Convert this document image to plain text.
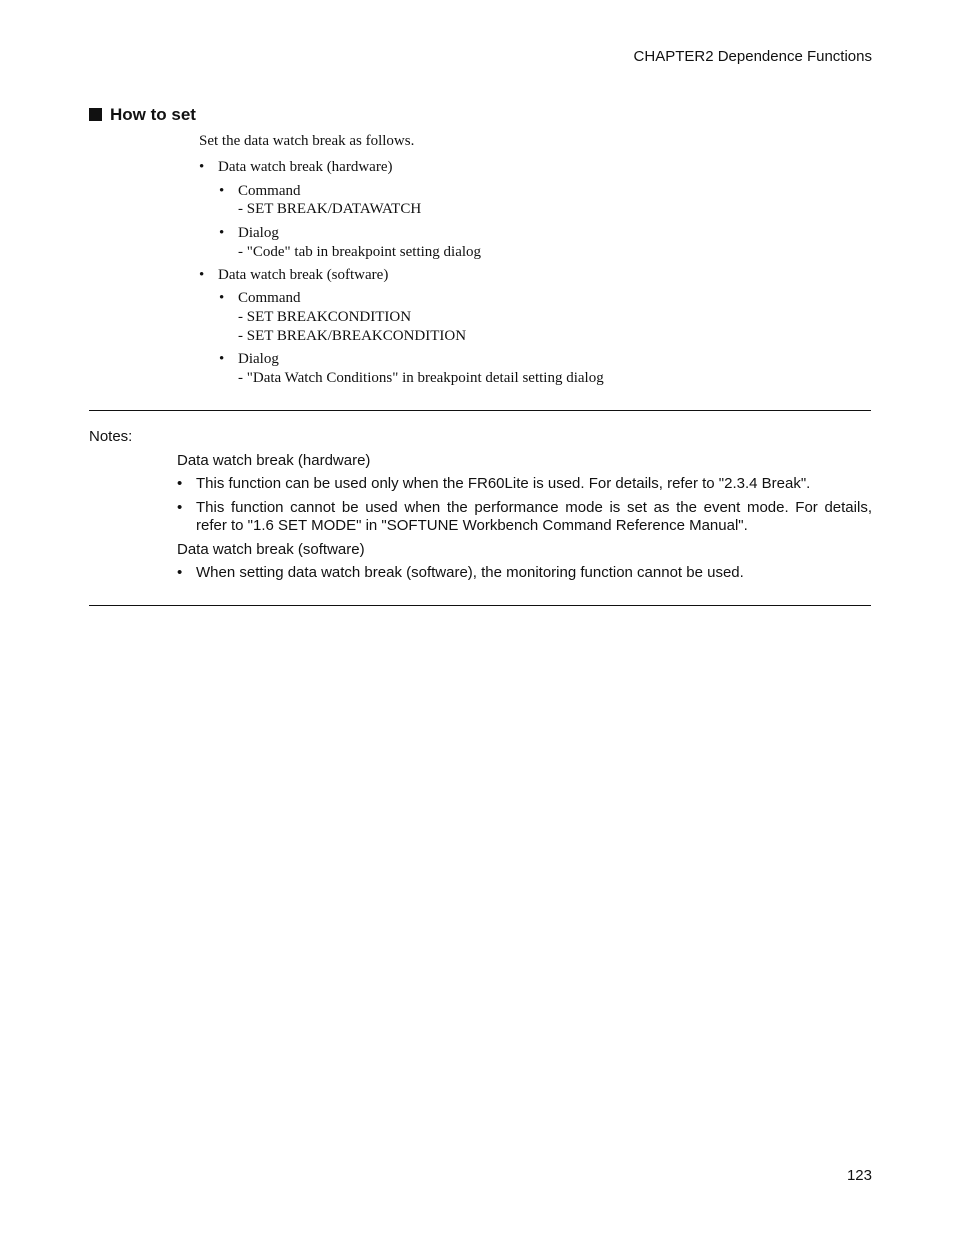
CHAPTER2 Dependence Functions
How to set
Set the data watch break as follows.
• Data watch break (hardware)
• Command
- SET BREAK/DATAWATCH
• Dialog
- "Code" tab in breakpoint setting dialog
• Data watch break (software)
• Command
- SET BREAKCONDITION
- SET BREAK/BREAKCONDITION
• Dialog
- "Data Watch Conditions" in breakpoint detail setting dialog
Notes:
Data watch break (hardware)
• This function can be used only when the FR60Lite is used. For details, refer to "2.3.4 Break".
• This function cannot be used when the performance mode is set as the event mode. For details,
refer to "1.6 SET MODE" in "SOFTUNE Workbench Command Reference Manual".
Data watch break (software)
• When setting data watch break (software), the monitoring function cannot be used.
123
